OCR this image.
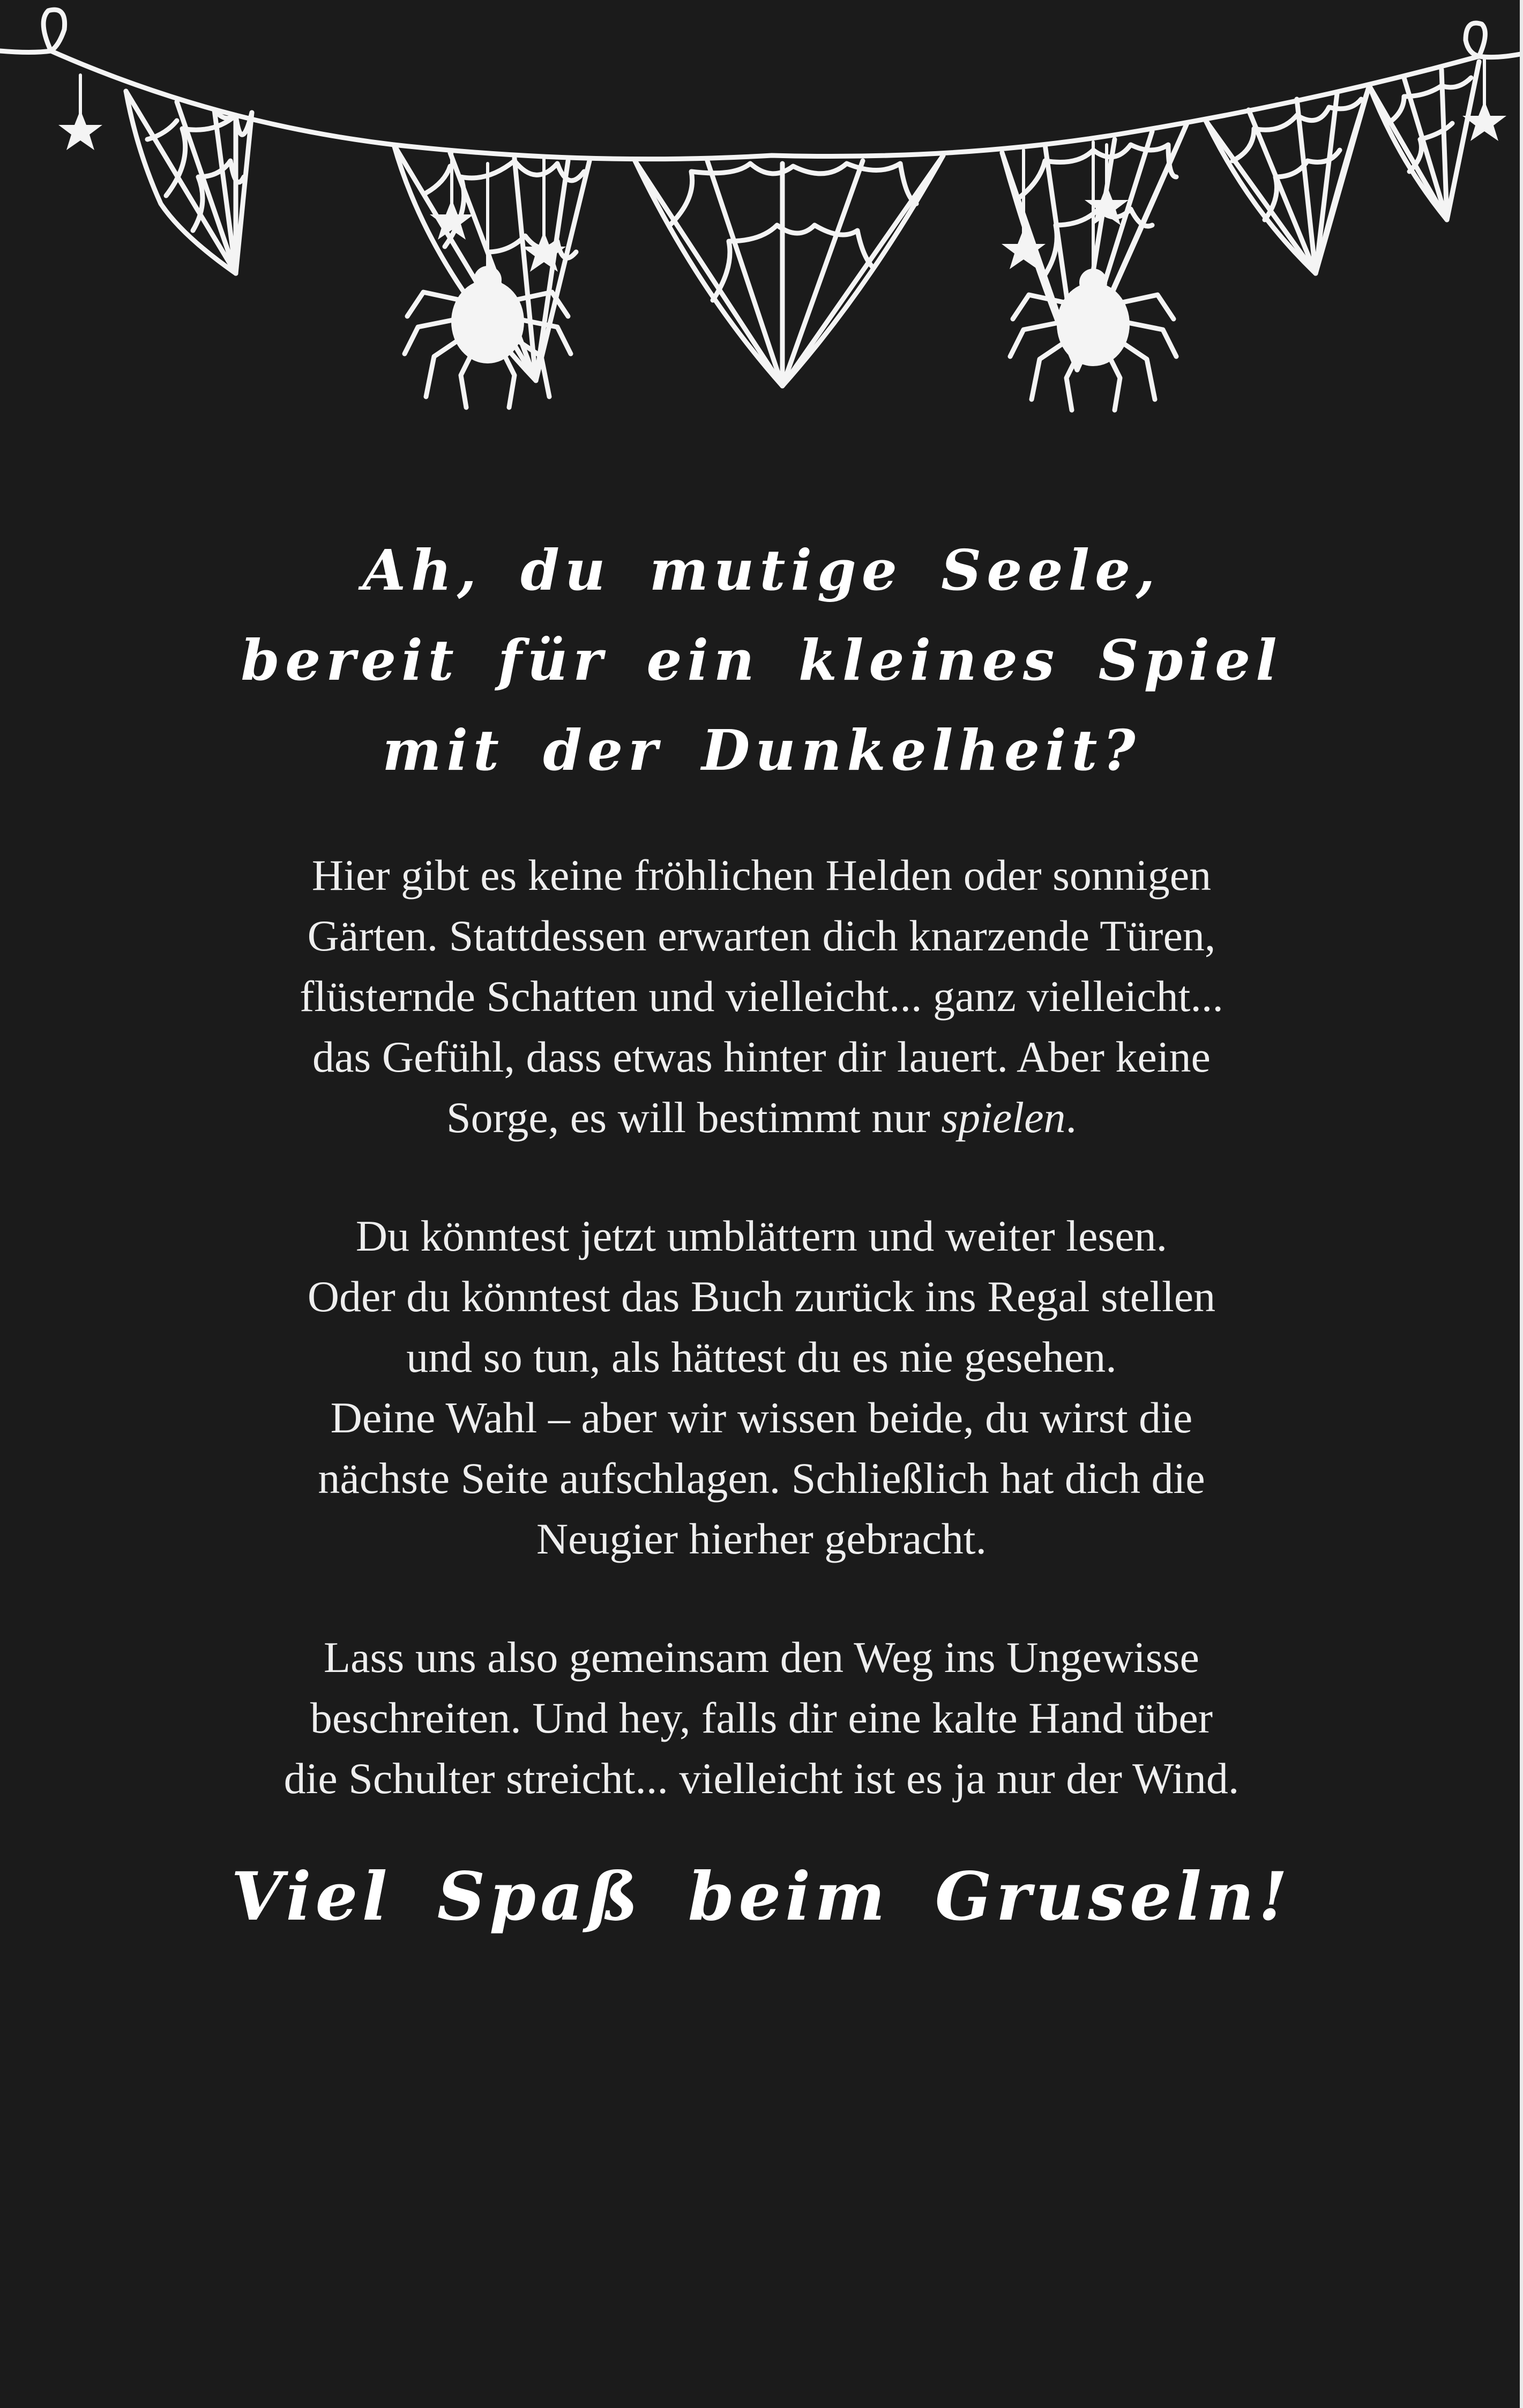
Ah, du mutige Seele,
bereit für ein kleines Spiel
mit der Dunkelheit?

Hier gibt es keine fröhlichen Helden oder sonnigen
Gärten. Stattdessen erwarten dich knarzende Türen,
flüsternde Schatten und vielleicht... ganz vielleicht...
das Gefühl, dass etwas hinter dir lauert. Aber keine
Sorge, es will bestimmt nur spielen.

Du könntest jetzt umblättern und weiter lesen.
Oder du könntest das Buch zurück ins Regal stellen
und so tun, als hättest du es nie gesehen.
Deine Wahl – aber wir wissen beide, du wirst die
nächste Seite aufschlagen. Schließlich hat dich die
Neugier hierher gebracht.

Lass uns also gemeinsam den Weg ins Ungewisse
beschreiten. Und hey, falls dir eine kalte Hand über
die Schulter streicht... vielleicht ist es ja nur der Wind.

Viel Spaß beim Gruseln!
